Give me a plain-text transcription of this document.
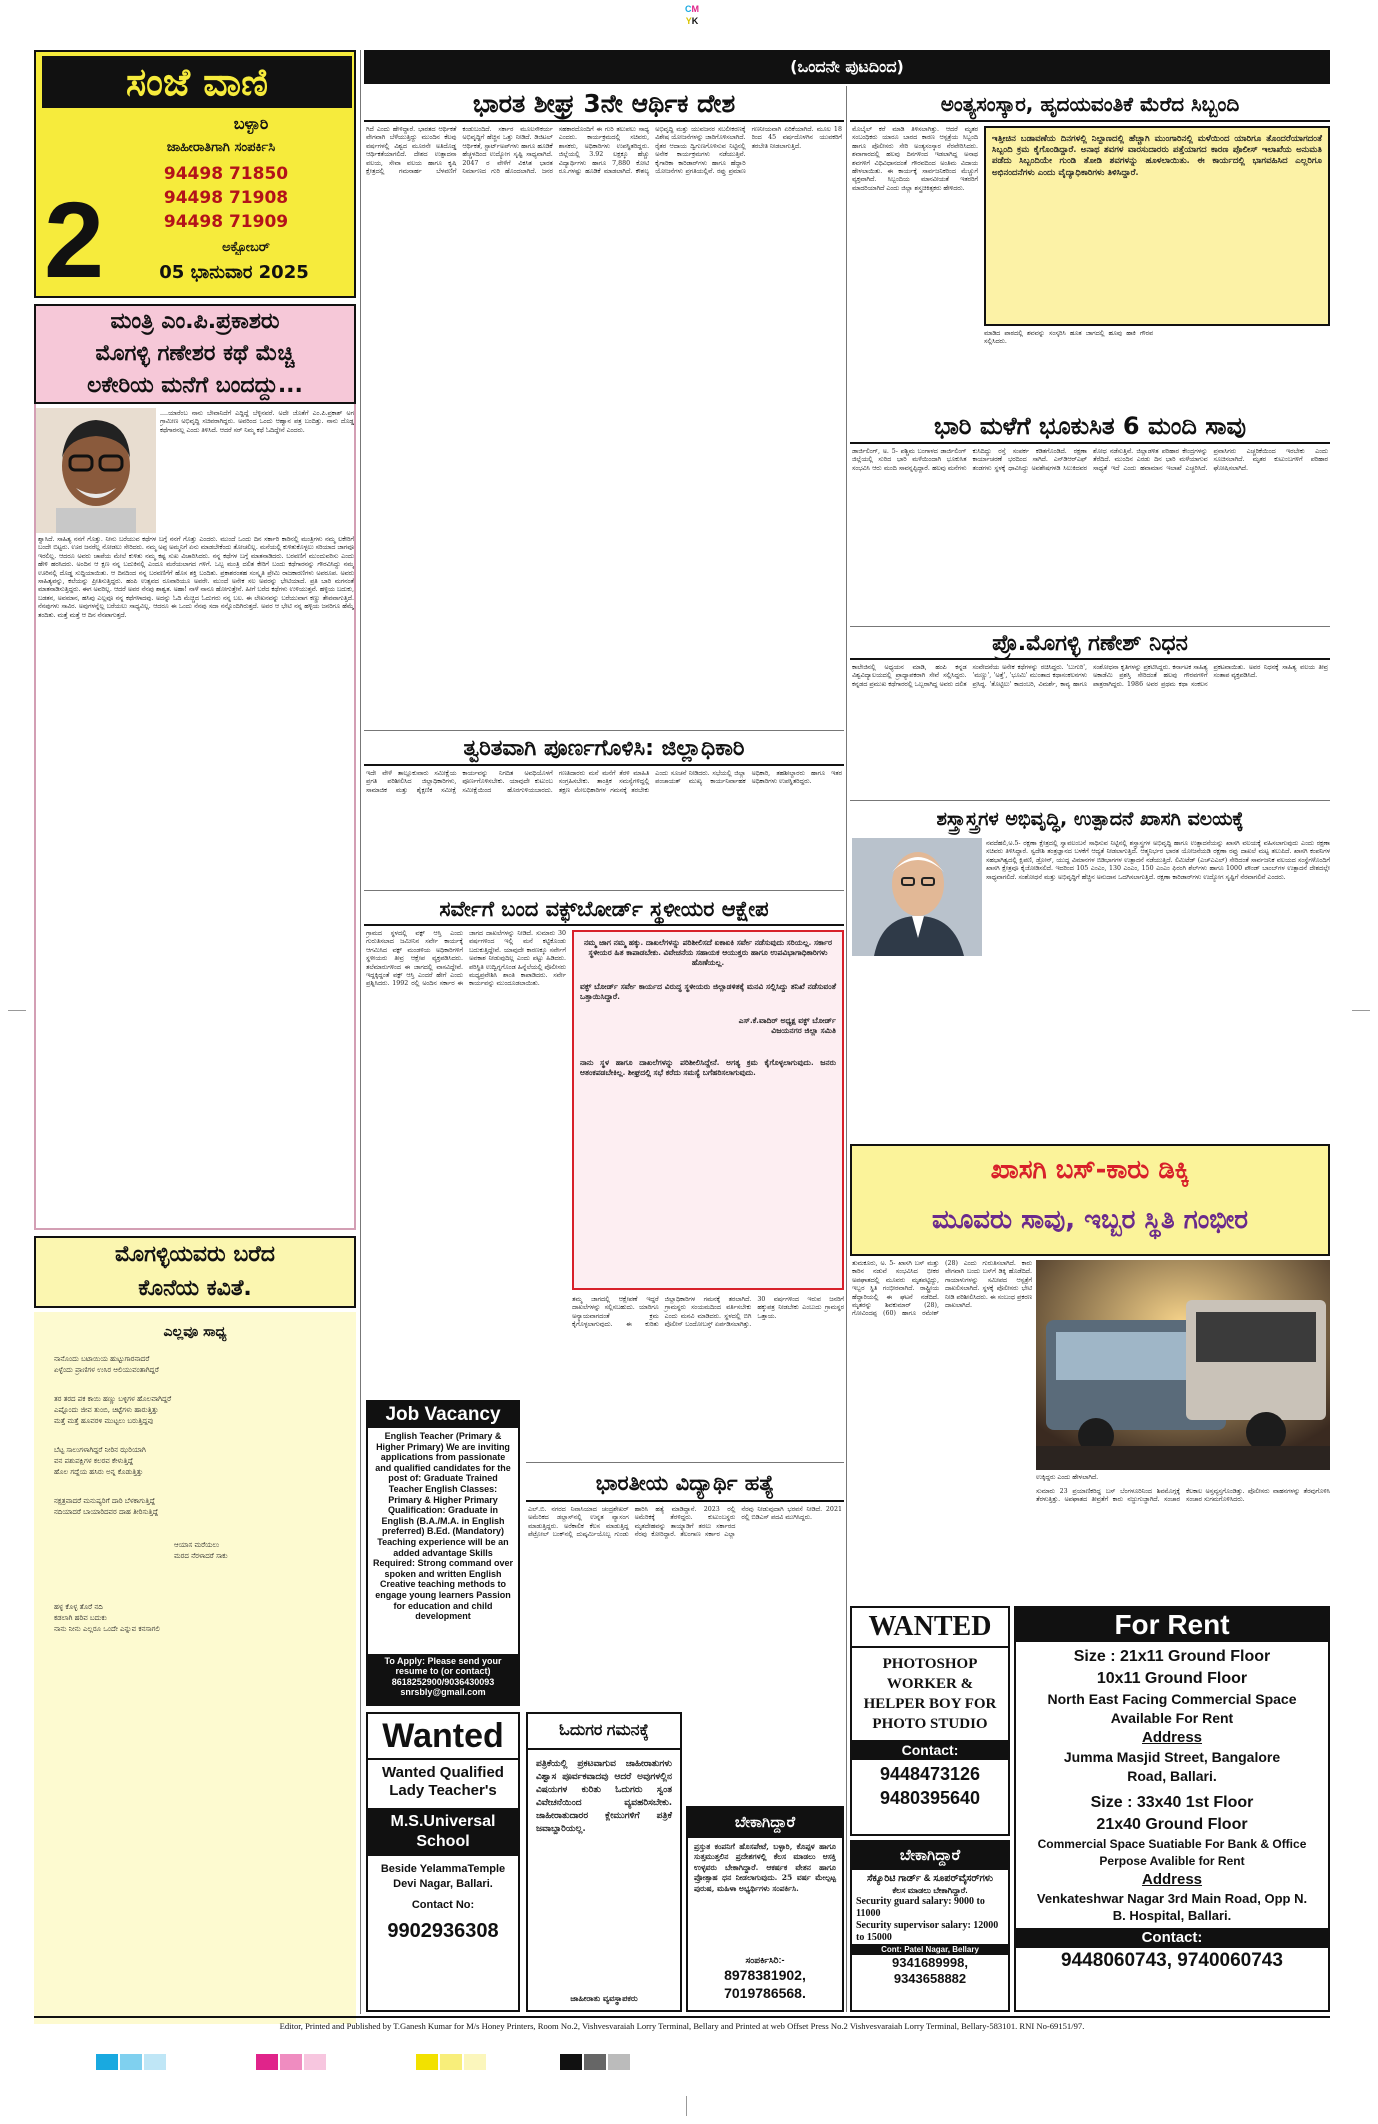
CM
YK
ಸಂಜೆ ವಾಣಿ
ಬಳ್ಳಾರಿ
ಜಾಹೀರಾತಿಗಾಗಿ ಸಂಪರ್ಕಿಸಿ
94498 71850
94498 71908
94498 71909
ಅಕ್ಟೋಬರ್
05 ಭಾನುವಾರ 2025
2
(ಒಂದನೇ ಪುಟದಿಂದ)
ಮಂತ್ರಿ ಎಂ.ಪಿ.ಪ್ರಕಾಶರು
ಮೊಗಳ್ಳಿ ಗಣೇಶರ ಕಥೆ ಮೆಚ್ಚಿ
ಲಕೇರಿಯ ಮನೆಗೆ ಬಂದದ್ದು...
....ಯಾರೆಂಬ ನಾನು ಬೇವಾನಿದೆಗೆ ಎದ್ದಿದ್ದೆ ಬೆಳ್ಳಿನವರೆ. ಅದೇ ಜೊತೆಗೆ ಎಂ.ಪಿ.ಪ್ರಕಾಶ್ ಅಗ ಗ್ರಾಮೀಣ ಅಭಿವೃದ್ಧಿ ಸಚಿವರಾಗಿದ್ದರು. ಅವರಿಂದ ಒಂದು ಆಹ್ವಾನ ಪತ್ರ ಬಂದಿತ್ತು. ನಾನು ದೊಡ್ಡ ಕಥೆಗಾರನಲ್ಲ ಎಂದು ತಿಳಿಸಿದೆ. ಆದರೆ ಸರ್ ನಿಮ್ಮ ಕಥೆ ಓದಿದ್ದೇನೆ ಎಂದರು.
ಶ್ವಾಸಿದೆ. ಸಾಹಿತ್ಯ ನನಗೆ ಗೊತ್ತು. ನೀನು ಬರೆಯುವ ಕಥೆಗಳ ಬಗ್ಗೆ ನನಗೆ ಗೊತ್ತು ಎಂದರು. ಮುಂದೆ ಒಂದು ದಿನ ಸರ್ಕಾರಿ ಕಾರಿನಲ್ಲಿ ಮಂತ್ರಿಗಳು ನಮ್ಮ ಲಕೇರಿಗೆ ಬಂದೇ ಬಿಟ್ಟರು. ಊರ ಜನರೆಲ್ಲ ನೋಡಲು ಸೇರಿದರು. ನಮ್ಮ ಅಪ್ಪ ಅಮ್ಮನಿಗೆ ಏನು ಮಾಡಬೇಕೆಂದು ತೋಚಲಿಲ್ಲ. ಮನೆಯಲ್ಲಿ ಕುಳಿತುಕೊಳ್ಳಲು ಸರಿಯಾದ ಜಾಗವೂ ಇರಲಿಲ್ಲ. ಆದರೂ ಅವರು ಚಾಪೆಯ ಮೇಲೆ ಕುಳಿತು ನಮ್ಮ ಕಷ್ಟ ಸುಖ ವಿಚಾರಿಸಿದರು. ನನ್ನ ಕಥೆಗಳ ಬಗ್ಗೆ ಮಾತನಾಡಿದರು. ಬರವಣಿಗೆ ಮುಂದುವರಿಸು ಎಂದು ಹೇಳಿ ಹರಸಿದರು. ಅಂದಿನ ಆ ಕ್ಷಣ ನನ್ನ ಬದುಕಿನಲ್ಲಿ ಎಂದೂ ಮರೆಯಲಾಗದ ಗಳಿಗೆ. ಒಬ್ಬ ಮಂತ್ರಿ ದಲಿತ ಕೇರಿಗೆ ಬಂದು ಕಥೆಗಾರನನ್ನು ಗೌರವಿಸಿದ್ದು ನಮ್ಮ ಊರಿನಲ್ಲಿ ದೊಡ್ಡ ಸುದ್ದಿಯಾಯಿತು. ಆ ದಿನದಿಂದ ನನ್ನ ಬರವಣಿಗೆಗೆ ಹೊಸ ಶಕ್ತಿ ಬಂದಿತು. ಪ್ರಕಾಶರಂತಹ ಸಂಸ್ಕೃತಿ ಪ್ರೇಮಿ ರಾಜಕಾರಣಿಗಳು ಅಪರೂಪ. ಅವರು ಸಾಹಿತ್ಯವನ್ನು, ಕಲೆಯನ್ನು ಪ್ರೀತಿಸುತ್ತಿದ್ದರು. ಹಂಪಿ ಉತ್ಸವದ ರೂವಾರಿಯೂ ಅವರೇ. ಮುಂದೆ ಅನೇಕ ಸಲ ಅವರನ್ನು ಭೇಟಿಯಾದೆ. ಪ್ರತಿ ಬಾರಿ ಮಗನಂತೆ ಮಾತನಾಡಿಸುತ್ತಿದ್ದರು. ಈಗ ಅವರಿಲ್ಲ. ಆದರೆ ಅವರ ನೆನಪು ಶಾಶ್ವತ. ಅಹಾ! ನಾಳೆ ನಾನೂ ಹೋಗುತ್ತೇನೆ. ಹೀಗೆ ಬರೆದ ಕಥೆಗಳು ಉಳಿಯುತ್ತವೆ. ಹಳ್ಳಿಯ ಬದುಕು, ಬಡತನ, ಅವಮಾನ, ಹಸಿವು ಎಲ್ಲವೂ ನನ್ನ ಕಥೆಗಳಾದವು. ಅದನ್ನು ಓದಿ ಮೆಚ್ಚಿದ ಓದುಗರು ನನ್ನ ಬಲ. ಈ ಲೇಖನವನ್ನು ಬರೆಯುವಾಗ ಕಣ್ಣು ತೇವವಾಗುತ್ತಿದೆ. ನೆನಪುಗಳು ಸಾವಿರ. ಅವುಗಳನ್ನೆಲ್ಲ ಬರೆಯಲು ಸಾಧ್ಯವಿಲ್ಲ. ಆದರೂ ಈ ಒಂದು ನೆನಪು ಸದಾ ನನ್ನೊಂದಿಗಿರುತ್ತದೆ. ಅವರ ಆ ಭೇಟಿ ನನ್ನ ಹಳ್ಳಿಯ ಜನರಿಗೂ ಹೆಮ್ಮೆ ತಂದಿತು. ಮತ್ತೆ ಮತ್ತೆ ಆ ದಿನ ನೆನಪಾಗುತ್ತದೆ.
ಮೊಗಳ್ಳಿಯವರು ಬರೆದ
ಕೊನೆಯ ಕವಿತೆ.
ಎಲ್ಲವೂ ಸಾಧ್ಯ
ನಾನೊಂದು ಬಟಾಯಿಯ ಹುಟ್ಟುಗಾರನಾದರೆ
ಏಳ್ಳೆಂದು ಪ್ರಾಣಿಗಳ ಉಸಿರ ಆಲಿಯುವಂತಾಗಿದ್ದರೆ
ತರ ತರದ ಪಕ ಕಾಯಿ ಹಣ್ಣು ಬಳ್ಳಿಗಳ ಹೊಲವಾಗಿದ್ದರೆ
ಎಷ್ಟೊಂದು ಜೀವ ತುಂಬಿ, ಚಿಟ್ಟೆಗಳು ಹಾರುತ್ತಿತ್ತು
ಮತ್ತೆ ಮತ್ತೆ ಹೂವರಳಿ ಮುಟ್ಟಲು ಬರುತ್ತಿದ್ದವು
ಬೆಟ್ಟ ಸಾಲುಗಳಾಗಿದ್ದರೆ ನೀರಿನ ಝರಿಯಾಗಿ
ವನ ಪಶುಪಕ್ಷಿಗಳ ಕಲರವ ಕೇಳುತ್ತಿದ್ದೆ
ಹೊಲ ಗದ್ದೆಯ ಹಸಿರು ಅನ್ನ ಕೊಡುತ್ತಿತ್ತು
ನಕ್ಷತ್ರವಾದರೆ ಮನುಷ್ಯರಿಗೆ ದಾರಿ ಬೆಳಕಾಗುತ್ತಿದ್ದೆ
ನದಿಯಾದರೆ ಬಾಯಾರಿದವರ ದಾಹ ತೀರಿಸುತ್ತಿದ್ದೆ
ಆಯಾಸ ಮರೆಯಲು
ಮರದ ನೆರಳಾದರೆ ಸಾಕು
ಹಳ್ಳ ಕೊಳ್ಳ ತೊರೆ ನದಿ
ಕಡಲಾಗಿ ಹರಿವ ಬದುಕು
ನಾನು ನೀನು ಎಲ್ಲರೂ ಒಂದೇ ಎನ್ನುವ ಕನಸಾಗಲಿ
ಭಾರತ ಶೀಘ್ರ 3ನೇ ಆರ್ಥಿಕ ದೇಶ
ಗಿದೆ ಎಂದು ಹೇಳಿದ್ದಾರೆ. ಭಾರತದ ಆರ್ಥಿಕತೆ ವೇಗವಾಗಿ ಬೆಳೆಯುತ್ತಿದ್ದು ಮುಂದಿನ ಕೆಲವು ವರ್ಷಗಳಲ್ಲಿ ವಿಶ್ವದ ಮೂರನೇ ಅತಿದೊಡ್ಡ ಆರ್ಥಿಕತೆಯಾಗಲಿದೆ. ದೇಶದ ಉತ್ಪಾದನಾ ವಲಯ, ಸೇವಾ ವಲಯ ಹಾಗೂ ಕೃಷಿ ಕ್ಷೇತ್ರದಲ್ಲಿ ಗಮನಾರ್ಹ ಬೆಳವಣಿಗೆ ಕಂಡುಬಂದಿದೆ. ಸರ್ಕಾರ ಮೂಲಸೌಕರ್ಯ ಅಭಿವೃದ್ಧಿಗೆ ಹೆಚ್ಚಿನ ಒತ್ತು ನೀಡಿದೆ. ಡಿಜಿಟಲ್ ಆರ್ಥಿಕತೆ, ಸ್ಟಾರ್ಟ್‌ಅಪ್‌ಗಳು ಹಾಗೂ ಹೂಡಿಕೆ ಹೆಚ್ಚಳದಿಂದ ಉದ್ಯೋಗ ಸೃಷ್ಟಿ ಸಾಧ್ಯವಾಗಿದೆ. 2047 ರ ವೇಳೆಗೆ ವಿಕಸಿತ ಭಾರತ ನಿರ್ಮಾಣದ ಗುರಿ ಹೊಂದಲಾಗಿದೆ. ಜನರ ಸಹಕಾರದೊಂದಿಗೆ ಈ ಗುರಿ ತಲುಪಲು ಸಾಧ್ಯ ಎಂದರು. ಕಾರ್ಯಕ್ರಮದಲ್ಲಿ ಸಚಿವರು, ಶಾಸಕರು, ಅಧಿಕಾರಿಗಳು ಉಪಸ್ಥಿತರಿದ್ದರು. ಜಿಲ್ಲೆಯಲ್ಲಿ 3.92 ಲಕ್ಷಕ್ಕೂ ಹೆಚ್ಚು ವಿದ್ಯಾರ್ಥಿಗಳು ಹಾಗೂ 7,880 ಕೋಟಿ ರೂ.ಗಳಷ್ಟು ಹೂಡಿಕೆ ಮಾಡಲಾಗಿದೆ. ಕೌಶಲ್ಯ ಅಭಿವೃದ್ಧಿ ಮತ್ತು ಯುವಜನರ ಸಬಲೀಕರಣಕ್ಕೆ ವಿಶೇಷ ಯೋಜನೆಗಳನ್ನು ಜಾರಿಗೊಳಿಸಲಾಗಿದೆ. ರೈತರ ಆದಾಯ ದ್ವಿಗುಣಗೊಳಿಸುವ ನಿಟ್ಟಿನಲ್ಲಿ ಅನೇಕ ಕಾರ್ಯಕ್ರಮಗಳು ನಡೆಯುತ್ತಿವೆ. ಕೈಗಾರಿಕಾ ಕಾರಿಡಾರ್‌ಗಳು ಹಾಗೂ ಹೆದ್ದಾರಿ ಯೋಜನೆಗಳು ಪ್ರಗತಿಯಲ್ಲಿವೆ. ರಫ್ತು ಪ್ರಮಾಣ ಗಣನೀಯವಾಗಿ ಏರಿಕೆಯಾಗಿದೆ. ಮೂಲ 18 ರಿಂದ 45 ವರ್ಷದೊಳಗಿನ ಯುವಕರಿಗೆ ತರಬೇತಿ ನೀಡಲಾಗುತ್ತಿದೆ.
ಅಂತ್ಯಸಂಸ್ಕಾರ, ಹೃದಯವಂತಿಕೆ ಮೆರೆದ ಸಿಬ್ಬಂದಿ
ಮೊಬೈಲ್ ಕರೆ ಮಾಡಿ ತಿಳಿಸಲಾಗಿತ್ತು. ಆದರೆ ಮೃತರ ಸಂಬಂಧಿಕರು ಯಾರೂ ಬಾರದ ಕಾರಣ ಆಸ್ಪತ್ರೆಯ ಸಿಬ್ಬಂದಿ ಹಾಗೂ ಪೊಲೀಸರು ಸೇರಿ ಅಂತ್ಯಸಂಸ್ಕಾರ ನೆರವೇರಿಸಿದರು. ಶವಾಗಾರದಲ್ಲಿ ಹಲವು ದಿನಗಳಿಂದ ಇಡಲಾಗಿದ್ದ ಅನಾಥ ಶವಗಳಿಗೆ ವಿಧಿವಿಧಾನದಂತೆ ಗೌರವದಿಂದ ಅಂತಿಮ ವಿದಾಯ ಹೇಳಲಾಯಿತು. ಈ ಕಾರ್ಯಕ್ಕೆ ಸಾರ್ವಜನಿಕರಿಂದ ಮೆಚ್ಚುಗೆ ವ್ಯಕ್ತವಾಗಿದೆ. ಸಿಬ್ಬಂದಿಯ ಮಾನವೀಯತೆ ಇತರರಿಗೆ ಮಾದರಿಯಾಗಿದೆ ಎಂದು ಜಿಲ್ಲಾ ಶಸ್ತ್ರಚಿಕಿತ್ಸಕರು ಹೇಳಿದರು.
ಇತ್ತೀಚಿನ ಬಡಾವಣೆಯ ದಿನಗಳಲ್ಲಿ ನಿಲ್ದಾಣದಲ್ಲಿ ಹೆಚ್ಚಾಗಿ ಮುಂಗಾರಿನಲ್ಲಿ ಮಳೆಯಿಂದ ಯಾರಿಗೂ ತೊಂದರೆಯಾಗದಂತೆ ಸಿಬ್ಬಂದಿ ಕ್ರಮ ಕೈಗೊಂಡಿದ್ದಾರೆ. ಅನಾಥ ಶವಗಳ ವಾರಸುದಾರರು ಪತ್ತೆಯಾಗದ ಕಾರಣ ಪೊಲೀಸ್ ಇಲಾಖೆಯ ಅನುಮತಿ ಪಡೆದು ಸಿಬ್ಬಂದಿಯೇ ಗುಂಡಿ ತೋಡಿ ಶವಗಳನ್ನು ಹೂಳಲಾಯಿತು. ಈ ಕಾರ್ಯದಲ್ಲಿ ಭಾಗವಹಿಸಿದ ಎಲ್ಲರಿಗೂ ಅಭಿನಂದನೆಗಳು ಎಂದು ವೈದ್ಯಾಧಿಕಾರಿಗಳು ತಿಳಿಸಿದ್ದಾರೆ.
ಮಾಡಿದ ಪಾಠದಲ್ಲಿ ಶವವನ್ನು ಸಂಸ್ಕರಿಸಿ ಹೂತ ಜಾಗದಲ್ಲಿ ಹೂವು ಹಾಕಿ ಗೌರವ ಸಲ್ಲಿಸಿದರು.
ಭಾರಿ ಮಳೆಗೆ ಭೂಕುಸಿತ 6 ಮಂದಿ ಸಾವು
ಡಾರ್ಜಿಲಿಂಗ್, ಅ. 5- ಪಶ್ಚಿಮ ಬಂಗಾಳದ ಡಾರ್ಜಿಲಿಂಗ್ ಜಿಲ್ಲೆಯಲ್ಲಿ ಸುರಿದ ಭಾರಿ ಮಳೆಯಿಂದಾಗಿ ಭೂಕುಸಿತ ಸಂಭವಿಸಿ ಆರು ಮಂದಿ ಸಾವನ್ನಪ್ಪಿದ್ದಾರೆ. ಹಲವು ಮನೆಗಳು ಕುಸಿದಿದ್ದು ರಸ್ತೆ ಸಂಪರ್ಕ ಕಡಿತಗೊಂಡಿದೆ. ರಕ್ಷಣಾ ಕಾರ್ಯಾಚರಣೆ ಭರದಿಂದ ಸಾಗಿದೆ. ಎನ್‌ಡಿಆರ್‌ಎಫ್ ತಂಡಗಳು ಸ್ಥಳಕ್ಕೆ ಧಾವಿಸಿದ್ದು ಅವಶೇಷಗಳಡಿ ಸಿಲುಕಿದವರ ಶೋಧ ನಡೆಸುತ್ತಿವೆ. ಜಿಲ್ಲಾಡಳಿತ ಪರಿಹಾರ ಕೇಂದ್ರಗಳನ್ನು ತೆರೆದಿದೆ. ಮುಂದಿನ ಎರಡು ದಿನ ಭಾರಿ ಮಳೆಯಾಗುವ ಸಾಧ್ಯತೆ ಇದೆ ಎಂದು ಹವಾಮಾನ ಇಲಾಖೆ ಎಚ್ಚರಿಸಿದೆ. ಪ್ರವಾಸಿಗರು ಎಚ್ಚರಿಕೆಯಿಂದ ಇರಬೇಕು ಎಂದು ಸೂಚಿಸಲಾಗಿದೆ. ಮೃತರ ಕುಟುಂಬಗಳಿಗೆ ಪರಿಹಾರ ಘೋಷಿಸಲಾಗಿದೆ.
ಪ್ರೊ.ಮೊಗಳ್ಳಿ ಗಣೇಶ್ ನಿಧನ
ಕಾಲೇಜಿನಲ್ಲಿ ಅಧ್ಯಯನ ಮಾಡಿ, ಹಂಪಿ ಕನ್ನಡ ವಿಶ್ವವಿದ್ಯಾಲಯದಲ್ಲಿ ಪ್ರಾಧ್ಯಾಪಕರಾಗಿ ಸೇವೆ ಸಲ್ಲಿಸಿದ್ದರು. ಕನ್ನಡದ ಪ್ರಮುಖ ಕಥೆಗಾರರಲ್ಲಿ ಒಬ್ಬರಾಗಿದ್ದ ಅವರು ದಲಿತ ಸಂವೇದನೆಯ ಅನೇಕ ಕಥೆಗಳನ್ನು ರಚಿಸಿದ್ದರು. 'ಬುಗುರಿ', 'ಮಣ್ಣು', 'ಅತ್ತೆ', 'ಭೂಮಿ' ಮುಂತಾದ ಕಥಾಸಂಕಲನಗಳು ಪ್ರಸಿದ್ಧ. 'ತೊಟ್ಟಿಲು' ಕಾದಂಬರಿ, ವಿಮರ್ಶೆ, ಕಾವ್ಯ ಹಾಗೂ ಸಂಶೋಧನಾ ಕೃತಿಗಳನ್ನು ಪ್ರಕಟಿಸಿದ್ದರು. ಕರ್ನಾಟಕ ಸಾಹಿತ್ಯ ಅಕಾಡೆಮಿ ಪ್ರಶಸ್ತಿ ಸೇರಿದಂತೆ ಹಲವು ಗೌರವಗಳಿಗೆ ಪಾತ್ರರಾಗಿದ್ದರು. 1986 ಅವರ ಪ್ರಥಮ ಕಥಾ ಸಂಕಲನ ಪ್ರಕಟವಾಯಿತು. ಅವರ ನಿಧನಕ್ಕೆ ಸಾಹಿತ್ಯ ವಲಯ ತೀವ್ರ ಸಂತಾಪ ವ್ಯಕ್ತಪಡಿಸಿದೆ.
ತ್ವರಿತವಾಗಿ ಪೂರ್ಣಗೊಳಿಸಿ: ಜಿಲ್ಲಾಧಿಕಾರಿ
ಇದೇ ವೇಳೆ ತಾಲ್ಲೂಕುವಾರು ಸಮೀಕ್ಷೆಯ ಪ್ರಗತಿ ಪರಿಶೀಲಿಸಿದ ಜಿಲ್ಲಾಧಿಕಾರಿಗಳು, ಸಾಮಾಜಿಕ ಮತ್ತು ಶೈಕ್ಷಣಿಕ ಸಮೀಕ್ಷೆ ಕಾರ್ಯವನ್ನು ನಿಗದಿತ ಅವಧಿಯೊಳಗೆ ಪೂರ್ಣಗೊಳಿಸಬೇಕು. ಯಾವುದೇ ಕುಟುಂಬ ಸಮೀಕ್ಷೆಯಿಂದ ಹೊರಗುಳಿಯಬಾರದು. ಗಣತಿದಾರರು ಮನೆ ಮನೆಗೆ ತೆರಳಿ ಮಾಹಿತಿ ಸಂಗ್ರಹಿಸಬೇಕು. ತಾಂತ್ರಿಕ ಸಮಸ್ಯೆಗಳಿದ್ದಲ್ಲಿ ತಕ್ಷಣ ಮೇಲಧಿಕಾರಿಗಳ ಗಮನಕ್ಕೆ ತರಬೇಕು ಎಂದು ಸೂಚನೆ ನೀಡಿದರು. ಸಭೆಯಲ್ಲಿ ಜಿಲ್ಲಾ ಪಂಚಾಯತ್ ಮುಖ್ಯ ಕಾರ್ಯನಿರ್ವಾಹಕ ಅಧಿಕಾರಿ, ತಹಶೀಲ್ದಾರರು ಹಾಗೂ ಇತರ ಅಧಿಕಾರಿಗಳು ಉಪಸ್ಥಿತರಿದ್ದರು.
ಸರ್ವೇಗೆ ಬಂದ ವಕ್ಫ್‌ಬೋರ್ಡ್ ಸ್ಥಳೀಯರ ಆಕ್ಷೇಪ
ಗ್ರಾಮದ ಸ್ಥಳದಲ್ಲಿ ವಕ್ಫ್ ಆಸ್ತಿ ಎಂದು ಗುರುತಿಸಲಾದ ಜಮೀನಿನ ಸರ್ವೇ ಕಾರ್ಯಕ್ಕೆ ಆಗಮಿಸಿದ ವಕ್ಫ್ ಮಂಡಳಿಯ ಅಧಿಕಾರಿಗಳಿಗೆ ಸ್ಥಳೀಯರು ತೀವ್ರ ಆಕ್ಷೇಪ ವ್ಯಕ್ತಪಡಿಸಿದರು. ತಲೆಮಾರುಗಳಿಂದ ಈ ಜಾಗದಲ್ಲಿ ವಾಸವಿದ್ದೇವೆ. ಇದ್ದಕ್ಕಿದ್ದಂತೆ ವಕ್ಫ್ ಆಸ್ತಿ ಎಂದರೆ ಹೇಗೆ ಎಂದು ಪ್ರಶ್ನಿಸಿದರು. 1992 ರಲ್ಲಿ ಅಂದಿನ ಸರ್ಕಾರ ಈ ಜಾಗದ ದಾಖಲೆಗಳನ್ನು ನೀಡಿದೆ. ಸುಮಾರು 30 ವರ್ಷಗಳಿಂದ ಇಲ್ಲಿ ಮನೆ ಕಟ್ಟಿಕೊಂಡು ಬದುಕುತ್ತಿದ್ದೇವೆ. ಯಾವುದೇ ಕಾರಣಕ್ಕೂ ಸರ್ವೇಗೆ ಅವಕಾಶ ನೀಡುವುದಿಲ್ಲ ಎಂದು ಪಟ್ಟು ಹಿಡಿದರು. ಪರಿಸ್ಥಿತಿ ಉದ್ವಿಗ್ನಗೊಂಡ ಹಿನ್ನೆಲೆಯಲ್ಲಿ ಪೊಲೀಸರು ಮಧ್ಯಪ್ರವೇಶಿಸಿ ಶಾಂತಿ ಕಾಪಾಡಿದರು. ಸರ್ವೇ ಕಾರ್ಯವನ್ನು ಮುಂದೂಡಲಾಯಿತು.
ನಮ್ಮ ಜಾಗ ನಮ್ಮ ಹಕ್ಕು. ದಾಖಲೆಗಳನ್ನು ಪರಿಶೀಲಿಸದೆ ಏಕಾಏಕಿ ಸರ್ವೇ ನಡೆಸುವುದು ಸರಿಯಲ್ಲ. ಸರ್ಕಾರ ಸ್ಥಳೀಯರ ಹಿತ ಕಾಪಾಡಬೇಕು. ವಿವೇಚನೆಯ ಸಹಾಯಕ ಆಯುಕ್ತರು ಹಾಗೂ ಉಪವಿಭಾಗಾಧಿಕಾರಿಗಳು ಹೊಣೆಯಲ್ಲ.
ವಕ್ಫ್ ಬೋರ್ಡ್ ಸರ್ವೇ ಕಾರ್ಯದ ವಿರುದ್ಧ ಸ್ಥಳೀಯರು ಜಿಲ್ಲಾಡಳಿತಕ್ಕೆ ಮನವಿ ಸಲ್ಲಿಸಿದ್ದು ತನಿಖೆ ನಡೆಸುವಂತೆ ಒತ್ತಾಯಿಸಿದ್ದಾರೆ.
ಎಸ್.ಕೆ.ವಾದಿರ್ ಅಧ್ಯಕ್ಷ ವಕ್ಫ್ ಬೋರ್ಡ್
ವಿಜಯನಗರ ಜಿಲ್ಲಾ ಸಮಿತಿ
ನಾನು ಸ್ಥಳ ಹಾಗೂ ದಾಖಲೆಗಳನ್ನು ಪರಿಶೀಲಿಸಿದ್ದೇನೆ. ಅಗತ್ಯ ಕ್ರಮ ಕೈಗೊಳ್ಳಲಾಗುವುದು. ಜನರು ಆತಂಕಪಡಬೇಕಿಲ್ಲ. ಶೀಘ್ರದಲ್ಲಿ ಸಭೆ ಕರೆದು ಸಮಸ್ಯೆ ಬಗೆಹರಿಸಲಾಗುವುದು.
ತಮ್ಮ ಜಾಗದಲ್ಲಿ ಆಕ್ಷೇಪಣೆ ಇದ್ದರೆ ದಾಖಲೆಗಳನ್ನು ಸಲ್ಲಿಸಬಹುದು. ಯಾರಿಗೂ ಅನ್ಯಾಯವಾಗದಂತೆ ಕ್ರಮ ಕೈಗೊಳ್ಳಲಾಗುವುದು. ಈ ಕುರಿತು ಜಿಲ್ಲಾಧಿಕಾರಿಗಳ ಗಮನಕ್ಕೆ ತರಲಾಗಿದೆ. ಗ್ರಾಮಸ್ಥರು ಸಂಯಮದಿಂದ ವರ್ತಿಸಬೇಕು ಎಂದು ಮನವಿ ಮಾಡಿದರು. ಸ್ಥಳದಲ್ಲಿ ಬಿಗಿ ಪೊಲೀಸ್ ಬಂದೋಬಸ್ತ್ ಏರ್ಪಡಿಸಲಾಗಿತ್ತು. 30 ವರ್ಷಗಳಿಂದ ಇರುವ ಜನರಿಗೆ ಹಕ್ಕುಪತ್ರ ನೀಡಬೇಕು ಎಂಬುದು ಗ್ರಾಮಸ್ಥರ ಒತ್ತಾಯ.
Job Vacancy
English Teacher (Primary & Higher Primary) We are inviting applications from passionate and qualified candidates for the post of: Graduate Trained Teacher English Classes: Primary & Higher Primary Qualification: Graduate in English (B.A./M.A. in English preferred) B.Ed. (Mandatory) Teaching experience will be an added advantage Skills Required: Strong command over spoken and written English Creative teaching methods to engage young learners Passion for education and child development
To Apply: Please send your resume to (or contact) 8618252900/9036430093 snrsbly@gmail.com
Wanted
Wanted Qualified Lady Teacher's
M.S.Universal School
Beside YelammaTemple Devi Nagar, Ballari.
Contact No:
9902936308
ಓದುಗರ ಗಮನಕ್ಕೆ
ಪತ್ರಿಕೆಯಲ್ಲಿ ಪ್ರಕಟವಾಗುವ ಜಾಹೀರಾತುಗಳು ವಿಶ್ವಾಸ ಪೂರ್ವಕವಾದವು ಆದರೆ ಅವುಗಳಲ್ಲಿನ ವಿಷಯಗಳ ಕುರಿತು ಓದುಗರು ಸ್ವಂತ ವಿವೇಚನೆಯಿಂದ ವ್ಯವಹರಿಸಬೇಕು. ಜಾಹೀರಾತುದಾರರ ಕ್ಲೇಮುಗಳಿಗೆ ಪತ್ರಿಕೆ ಜವಾಬ್ದಾರಿಯಲ್ಲ.
ಜಾಹೀರಾತು ವ್ಯವಸ್ಥಾಪಕರು
ಭಾರತೀಯ ವಿದ್ಯಾರ್ಥಿ ಹತ್ಯೆ
ಎಲ್.ಬಿ. ನಗರದ ನಿವಾಸಿಯಾದ ಚಂದ್ರಶೇಖರ್ ಅಮೆರಿಕದ ಡಲ್ಲಾಸ್‌ನಲ್ಲಿ ಉನ್ನತ ವ್ಯಾಸಂಗ ಮಾಡುತ್ತಿದ್ದರು. ಅರೆಕಾಲಿಕ ಕೆಲಸ ಮಾಡುತ್ತಿದ್ದ ಪೆಟ್ರೋಲ್ ಬಂಕ್‌ನಲ್ಲಿ ದುಷ್ಕರ್ಮಿಯೊಬ್ಬ ಗುಂಡು ಹಾರಿಸಿ ಹತ್ಯೆ ಮಾಡಿದ್ದಾನೆ. 2023 ರಲ್ಲಿ ಅಮೆರಿಕಕ್ಕೆ ತೆರಳಿದ್ದರು. ಕುಟುಂಬಸ್ಥರು ಮೃತದೇಹವನ್ನು ತಾಯ್ನಾಡಿಗೆ ತರಲು ಸರ್ಕಾರದ ನೆರವು ಕೋರಿದ್ದಾರೆ. ತೆಲಂಗಾಣ ಸರ್ಕಾರ ಎಲ್ಲಾ ನೆರವು ನೀಡುವುದಾಗಿ ಭರವಸೆ ನೀಡಿದೆ. 2021 ರಲ್ಲಿ ಬಿಡಿಎಸ್ ಪದವಿ ಮುಗಿಸಿದ್ದರು.
ಶಸ್ತ್ರಾಸ್ತ್ರಗಳ ಅಭಿವೃದ್ಧಿ, ಉತ್ಪಾದನೆ ಖಾಸಗಿ ವಲಯಕ್ಕೆ
ನವದೆಹಲಿ,ಅ.5- ರಕ್ಷಣಾ ಕ್ಷೇತ್ರದಲ್ಲಿ ಸ್ವಾವಲಂಬನೆ ಸಾಧಿಸುವ ನಿಟ್ಟಿನಲ್ಲಿ ಶಸ್ತ್ರಾಸ್ತ್ರಗಳ ಅಭಿವೃದ್ಧಿ ಹಾಗೂ ಉತ್ಪಾದನೆಯನ್ನು ಖಾಸಗಿ ವಲಯಕ್ಕೆ ವಹಿಸಲಾಗುವುದು ಎಂದು ರಕ್ಷಣಾ ಸಚಿವರು ತಿಳಿಸಿದ್ದಾರೆ. ಸ್ವದೇಶಿ ತಂತ್ರಜ್ಞಾನದ ಬಳಕೆಗೆ ಆದ್ಯತೆ ನೀಡಲಾಗುತ್ತಿದೆ. ಆತ್ಮನಿರ್ಭರ ಭಾರತ ಯೋಜನೆಯಡಿ ರಕ್ಷಣಾ ರಫ್ತು ದಾಖಲೆ ಮಟ್ಟ ತಲುಪಿದೆ. ಖಾಸಗಿ ಕಂಪನಿಗಳ ಸಹಭಾಗಿತ್ವದಲ್ಲಿ ಕ್ಷಿಪಣಿ, ಡ್ರೋನ್, ಯುದ್ಧ ವಿಮಾನಗಳ ಬಿಡಿಭಾಗಗಳ ಉತ್ಪಾದನೆ ನಡೆಯುತ್ತಿದೆ. ಲಿಮಿಟೆಡ್ (ಎಚ್‌ಎಎಲ್) ಸೇರಿದಂತೆ ಸಾರ್ವಜನಿಕ ವಲಯದ ಸಂಸ್ಥೆಗಳೊಂದಿಗೆ ಖಾಸಗಿ ಕ್ಷೇತ್ರವೂ ಕೈಜೋಡಿಸಲಿದೆ. ಇದರಿಂದ 105 ಎಂಎಂ, 130 ಎಂಎಂ, 150 ಎಂಎಂ ಫಿರಂಗಿ ಶೆಲ್‌ಗಳು ಹಾಗೂ 1000 ಪೌಂಡ್ ಬಾಂಬ್‌ಗಳ ಉತ್ಪಾದನೆ ದೇಶದಲ್ಲೇ ಸಾಧ್ಯವಾಗಲಿದೆ. ಸಂಶೋಧನೆ ಮತ್ತು ಅಭಿವೃದ್ಧಿಗೆ ಹೆಚ್ಚಿನ ಅನುದಾನ ಒದಗಿಸಲಾಗುತ್ತಿದೆ. ರಕ್ಷಣಾ ಕಾರಿಡಾರ್‌ಗಳು ಉದ್ಯೋಗ ಸೃಷ್ಟಿಗೆ ನೆರವಾಗಲಿವೆ ಎಂದರು.
ಖಾಸಗಿ ಬಸ್-ಕಾರು ಡಿಕ್ಕಿ
ಮೂವರು ಸಾವು, ಇಬ್ಬರ ಸ್ಥಿತಿ ಗಂಭೀರ
ತುಮಕೂರು, ಅ. 5- ಖಾಸಗಿ ಬಸ್ ಮತ್ತು ಕಾರಿನ ನಡುವೆ ಸಂಭವಿಸಿದ ಭೀಕರ ಅಪಘಾತದಲ್ಲಿ ಮೂವರು ಮೃತಪಟ್ಟಿದ್ದು, ಇಬ್ಬರ ಸ್ಥಿತಿ ಗಂಭೀರವಾಗಿದೆ. ರಾಷ್ಟ್ರೀಯ ಹೆದ್ದಾರಿಯಲ್ಲಿ ಈ ಘಟನೆ ನಡೆದಿದೆ. ಮೃತರನ್ನು ಶಿವಕುಮಾರ್ (28), ಗೋವಿಂದಪ್ಪ (60) ಹಾಗೂ ರಮೇಶ್ (28) ಎಂದು ಗುರುತಿಸಲಾಗಿದೆ. ಕಾರು ವೇಗವಾಗಿ ಬಂದು ಬಸ್‌ಗೆ ಡಿಕ್ಕಿ ಹೊಡೆದಿದೆ. ಗಾಯಾಳುಗಳನ್ನು ಸಮೀಪದ ಆಸ್ಪತ್ರೆಗೆ ದಾಖಲಿಸಲಾಗಿದೆ. ಸ್ಥಳಕ್ಕೆ ಪೊಲೀಸರು ಭೇಟಿ ನೀಡಿ ಪರಿಶೀಲಿಸಿದರು. ಈ ಸಂಬಂಧ ಪ್ರಕರಣ ದಾಖಲಾಗಿದೆ.
ಉಕ್ಕಿದ್ದರು ಎಂದು ಹೇಳಲಾಗಿದೆ.
ಸುಮಾರು 23 ಪ್ರಯಾಣಿಕರಿದ್ದ ಬಸ್ ಬೆಂಗಳೂರಿನಿಂದ ಶಿವಮೊಗ್ಗಕ್ಕೆ ತೆರಳುತ್ತಿತ್ತು. ಅಪಘಾತದ ತೀವ್ರತೆಗೆ ಕಾರು ನಜ್ಜುಗುಜ್ಜಾಗಿದೆ. ಸಂಚಾರ ಕೆಲಕಾಲ ಅಸ್ತವ್ಯಸ್ತಗೊಂಡಿತ್ತು. ಪೊಲೀಸರು ವಾಹನಗಳನ್ನು ತೆರವುಗೊಳಿಸಿ ಸಂಚಾರ ಸುಗಮಗೊಳಿಸಿದರು.
WANTED
PHOTOSHOP WORKER & HELPER BOY FOR PHOTO STUDIO
Contact:
9448473126 9480395640
ಬೇಕಾಗಿದ್ದಾರೆ
ಪ್ರಸ್ತುತ ಕಂಪನಿಗೆ ಹೊಸಪೇಟೆ, ಬಳ್ಳಾರಿ, ಕೊಪ್ಪಳ ಹಾಗೂ ಸುತ್ತಮುತ್ತಲಿನ ಪ್ರದೇಶಗಳಲ್ಲಿ ಕೆಲಸ ಮಾಡಲು ಆಸಕ್ತಿ ಉಳ್ಳವರು ಬೇಕಾಗಿದ್ದಾರೆ. ಆಕರ್ಷಕ ವೇತನ ಹಾಗೂ ಪ್ರೋತ್ಸಾಹ ಧನ ನೀಡಲಾಗುವುದು. 25 ವರ್ಷ ಮೇಲ್ಪಟ್ಟ ಪುರುಷ, ಮಹಿಳಾ ಅಭ್ಯರ್ಥಿಗಳು ಸಂಪರ್ಕಿಸಿ.
ಸಂಪರ್ಕಿಸಿರಿ:-
8978381902, 7019786568.
ಬೇಕಾಗಿದ್ದಾರೆ
ಸೆಕ್ಯೂರಿಟಿ ಗಾರ್ಡ್ & ಸೂಪರ್‌ವೈಸರ್‌ಗಳು
ಕೆಲಸ ಮಾಡಲು ಬೇಕಾಗಿದ್ದಾರೆ.
Security guard salary: 9000 to 11000
Security supervisor salary: 12000 to 15000
Cont: Patel Nagar, Bellary
9341689998, 9343658882
For Rent
Size : 21x11 Ground Floor
10x11 Ground Floor
North East Facing Commercial Space Available For Rent
Address
Jumma Masjid Street, Bangalore Road, Ballari.
Size : 33x40 1st Floor
21x40 Ground Floor
Commercial Space Suatiable For Bank & Office Perpose Avalible for Rent
Address
Venkateshwar Nagar 3rd Main Road, Opp N. B. Hospital, Ballari.
Contact:
9448060743, 9740060743
Editor, Printed and Published by T.Ganesh Kumar for M/s Honey Printers, Room No.2, Vishvesvaraiah Lorry Terminal, Bellary and Printed at web Offset Press No.2 Vishvesvaraiah Lorry Terminal, Bellary-583101. RNI No-69151/97.
